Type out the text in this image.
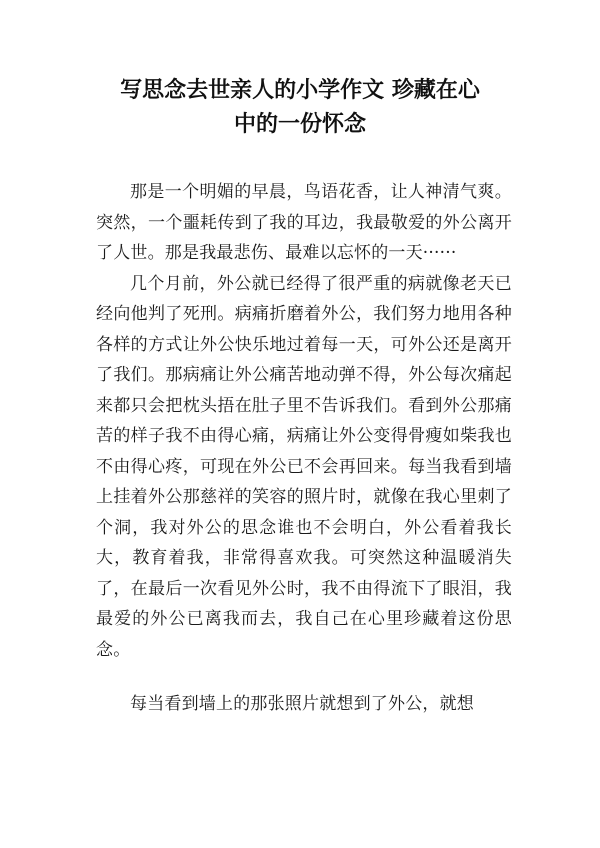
写思念去世亲人的小学作文 珍藏在心
中的一份怀念

那是一个明媚的早晨，鸟语花香，让人神清气爽。突然，一个噩耗传到了我的耳边，我最敬爱的外公离开了人世。那是我最悲伤、最难以忘怀的一天······

几个月前，外公就已经得了很严重的病就像老天已经向他判了死刑。病痛折磨着外公，我们努力地用各种各样的方式让外公快乐地过着每一天，可外公还是离开了我们。那病痛让外公痛苦地动弹不得，外公每次痛起来都只会把枕头捂在肚子里不告诉我们。看到外公那痛苦的样子我不由得心痛，病痛让外公变得骨瘦如柴我也不由得心疼，可现在外公已不会再回来。每当我看到墙上挂着外公那慈祥的笑容的照片时，就像在我心里刺了个洞，我对外公的思念谁也不会明白，外公看着我长大，教育着我，非常得喜欢我。可突然这种温暖消失了，在最后一次看见外公时，我不由得流下了眼泪，我最爱的外公已离我而去，我自己在心里珍藏着这份思念。

每当看到墙上的那张照片就想到了外公，就想
